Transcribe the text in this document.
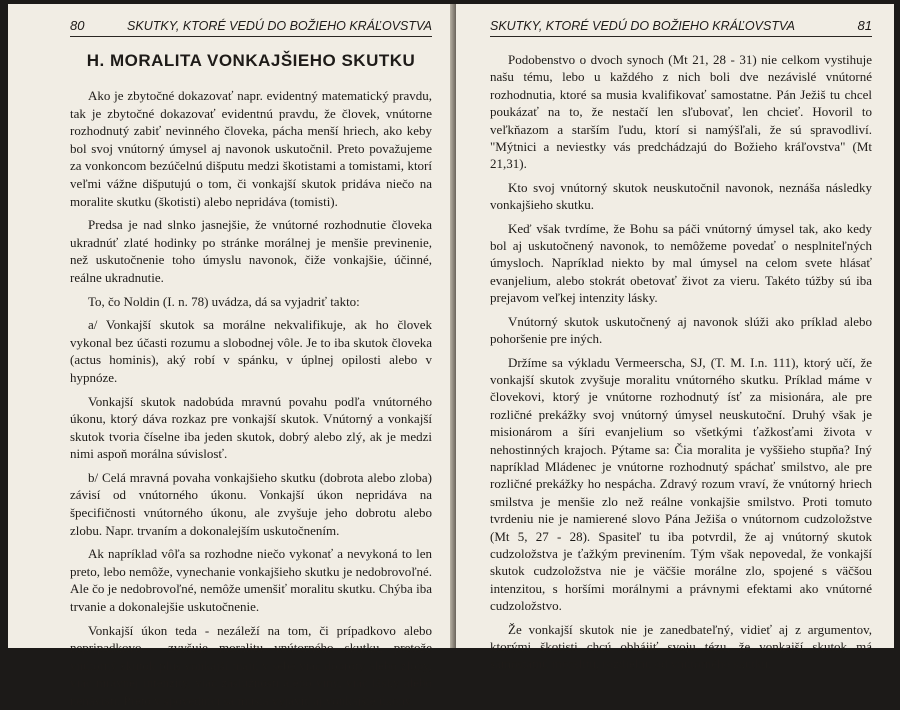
80	SKUTKY, KTORÉ VEDÚ DO BOŽIEHO KRÁĽOVSTVA
H. MORALITA VONKAJŠIEHO SKUTKU

Ako je zbytočné dokazovať napr. evidentný matematický pravdu, tak je zbytočné dokazovať evidentnú pravdu, že človek, vnútorne rozhodnutý zabiť nevinného človeka, pácha menší hriech, ako keby bol svoj vnútorný úmysel aj navonok uskutočnil. Preto považujeme za vonkoncom bezúčelnú dišputu medzi škotistami a tomistami, ktorí veľmi vážne dišputujú o tom, či vonkajší skutok pridáva niečo na moralite skutku (škotisti) alebo nepridáva (tomisti).

Predsa je nad slnko jasnejšie, že vnútorné rozhodnutie človeka ukradnúť zlaté hodinky po stránke morálnej je menšie previnenie, než uskutočnenie toho úmyslu navonok, čiže vonkajšie, účinné, reálne ukradnutie.

To, čo Noldin (I. n. 78) uvádza, dá sa vyjadriť takto:

a/ Vonkajší skutok sa morálne nekvalifikuje, ak ho človek vykonal bez účasti rozumu a slobodnej vôle. Je to iba skutok človeka (actus hominis), aký robí v spánku, v úplnej opilosti alebo v hypnóze.

Vonkajší skutok nadobúda mravnú povahu podľa vnútorného úkonu, ktorý dáva rozkaz pre vonkajší skutok. Vnútorný a vonkajší skutok tvoria číselne iba jeden skutok, dobrý alebo zlý, ak je medzi nimi aspoň morálna súvislosť.

b/ Celá mravná povaha vonkajšieho skutku (dobrota alebo zloba) závisí od vnútorného úkonu. Vonkajší úkon nepridáva na špecifičnosti vnútorného úkonu, ale zvyšuje jeho dobrotu alebo zlobu. Napr. trvaním a dokonalejším uskutočnením.

Ak napríklad vôľa sa rozhodne niečo vykonať a nevykoná to len preto, lebo nemôže, vynechanie vonkajšieho skutku je nedobrovoľné. Ale čo je nedobrovoľné, nemôže umenšiť moralitu skutku. Chýba iba trvanie a dokonalejšie uskutočnenie.

Vonkajší úkon teda - nezáleží na tom, či prípadkovo alebo nepripadkovo - zvyšuje moralitu vnútorného skutku, pretože vnútorný skutok plus vonkajší majú v sebe viac dobroty alebo zloby, viac mravnej intenzity, viac záslužnosti alebo viny, viac lásky alebo nenávisti. Preto v spovednici sa musia vyjaviť aj vonkajšie úkony.

SKUTKY, KTORÉ VEDÚ DO BOŽIEHO KRÁĽOVSTVA	81

Podobenstvo o dvoch synoch (Mt 21, 28 - 31) nie celkom vystihuje našu tému, lebo u každého z nich boli dve nezávislé vnútorné rozhodnutia, ktoré sa musia kvalifikovať samostatne. Pán Ježiš tu chcel poukázať na to, že nestačí len sľubovať, len chcieť. Hovoril to veľkňazom a starším ľudu, ktorí si namýšľali, že sú spravodliví. "Mýtnici a neviestky vás predchádzajú do Božieho kráľovstva" (Mt 21,31).

Kto svoj vnútorný skutok neuskutočnil navonok, neznáša následky vonkajšieho skutku.

Keď však tvrdíme, že Bohu sa páči vnútorný úmysel tak, ako kedy bol aj uskutočnený navonok, to nemôžeme povedať o nesplniteľných úmysloch. Napríklad niekto by mal úmysel na celom svete hlásať evanjelium, alebo stokrát obetovať život za vieru. Takéto túžby sú iba prejavom veľkej intenzity lásky.

Vnútorný skutok uskutočnený aj navonok slúži ako príklad alebo pohoršenie pre iných.

Držíme sa výkladu Vermeerscha, SJ, (T. M. I.n. 111), ktorý učí, že vonkajší skutok zvyšuje moralitu vnútorného skutku. Príklad máme v človekovi, ktorý je vnútorne rozhodnutý ísť za misionára, ale pre rozličné prekážky svoj vnútorný úmysel neuskutoční. Druhý však je misionárom a šíri evanjelium so všetkými ťažkosťami života v nehostinných krajoch. Pýtame sa: Čia moralita je vyššieho stupňa? Iný napríklad Mládenec je vnútorne rozhodnutý spáchať smilstvo, ale pre rozličné prekážky ho nespácha. Zdravý rozum vraví, že vnútorný hriech smilstva je menšie zlo než reálne vonkajšie smilstvo. Proti tomuto tvrdeniu nie je namierené slovo Pána Ježiša o vnútornom cudzoložstve (Mt 5, 27 - 28). Spasiteľ tu iba potvrdil, že aj vnútorný skutok cudzoložstva je ťažkým previnením. Tým však nepovedal, že vonkajší skutok cudzoložstva nie je väčšie morálne zlo, spojené s väčšou intenzitou, s horšími morálnymi a právnymi efektami ako vnútorné cudzoložstvo.

Že vonkajší skutok nie je zanedbateľný, vidieť aj z argumentov, ktorými škotisti chcú obhájiť svoju tézu, že vonkajší skutok má samostatnú moralitu, rozdielnu od vnútorného skutku.
